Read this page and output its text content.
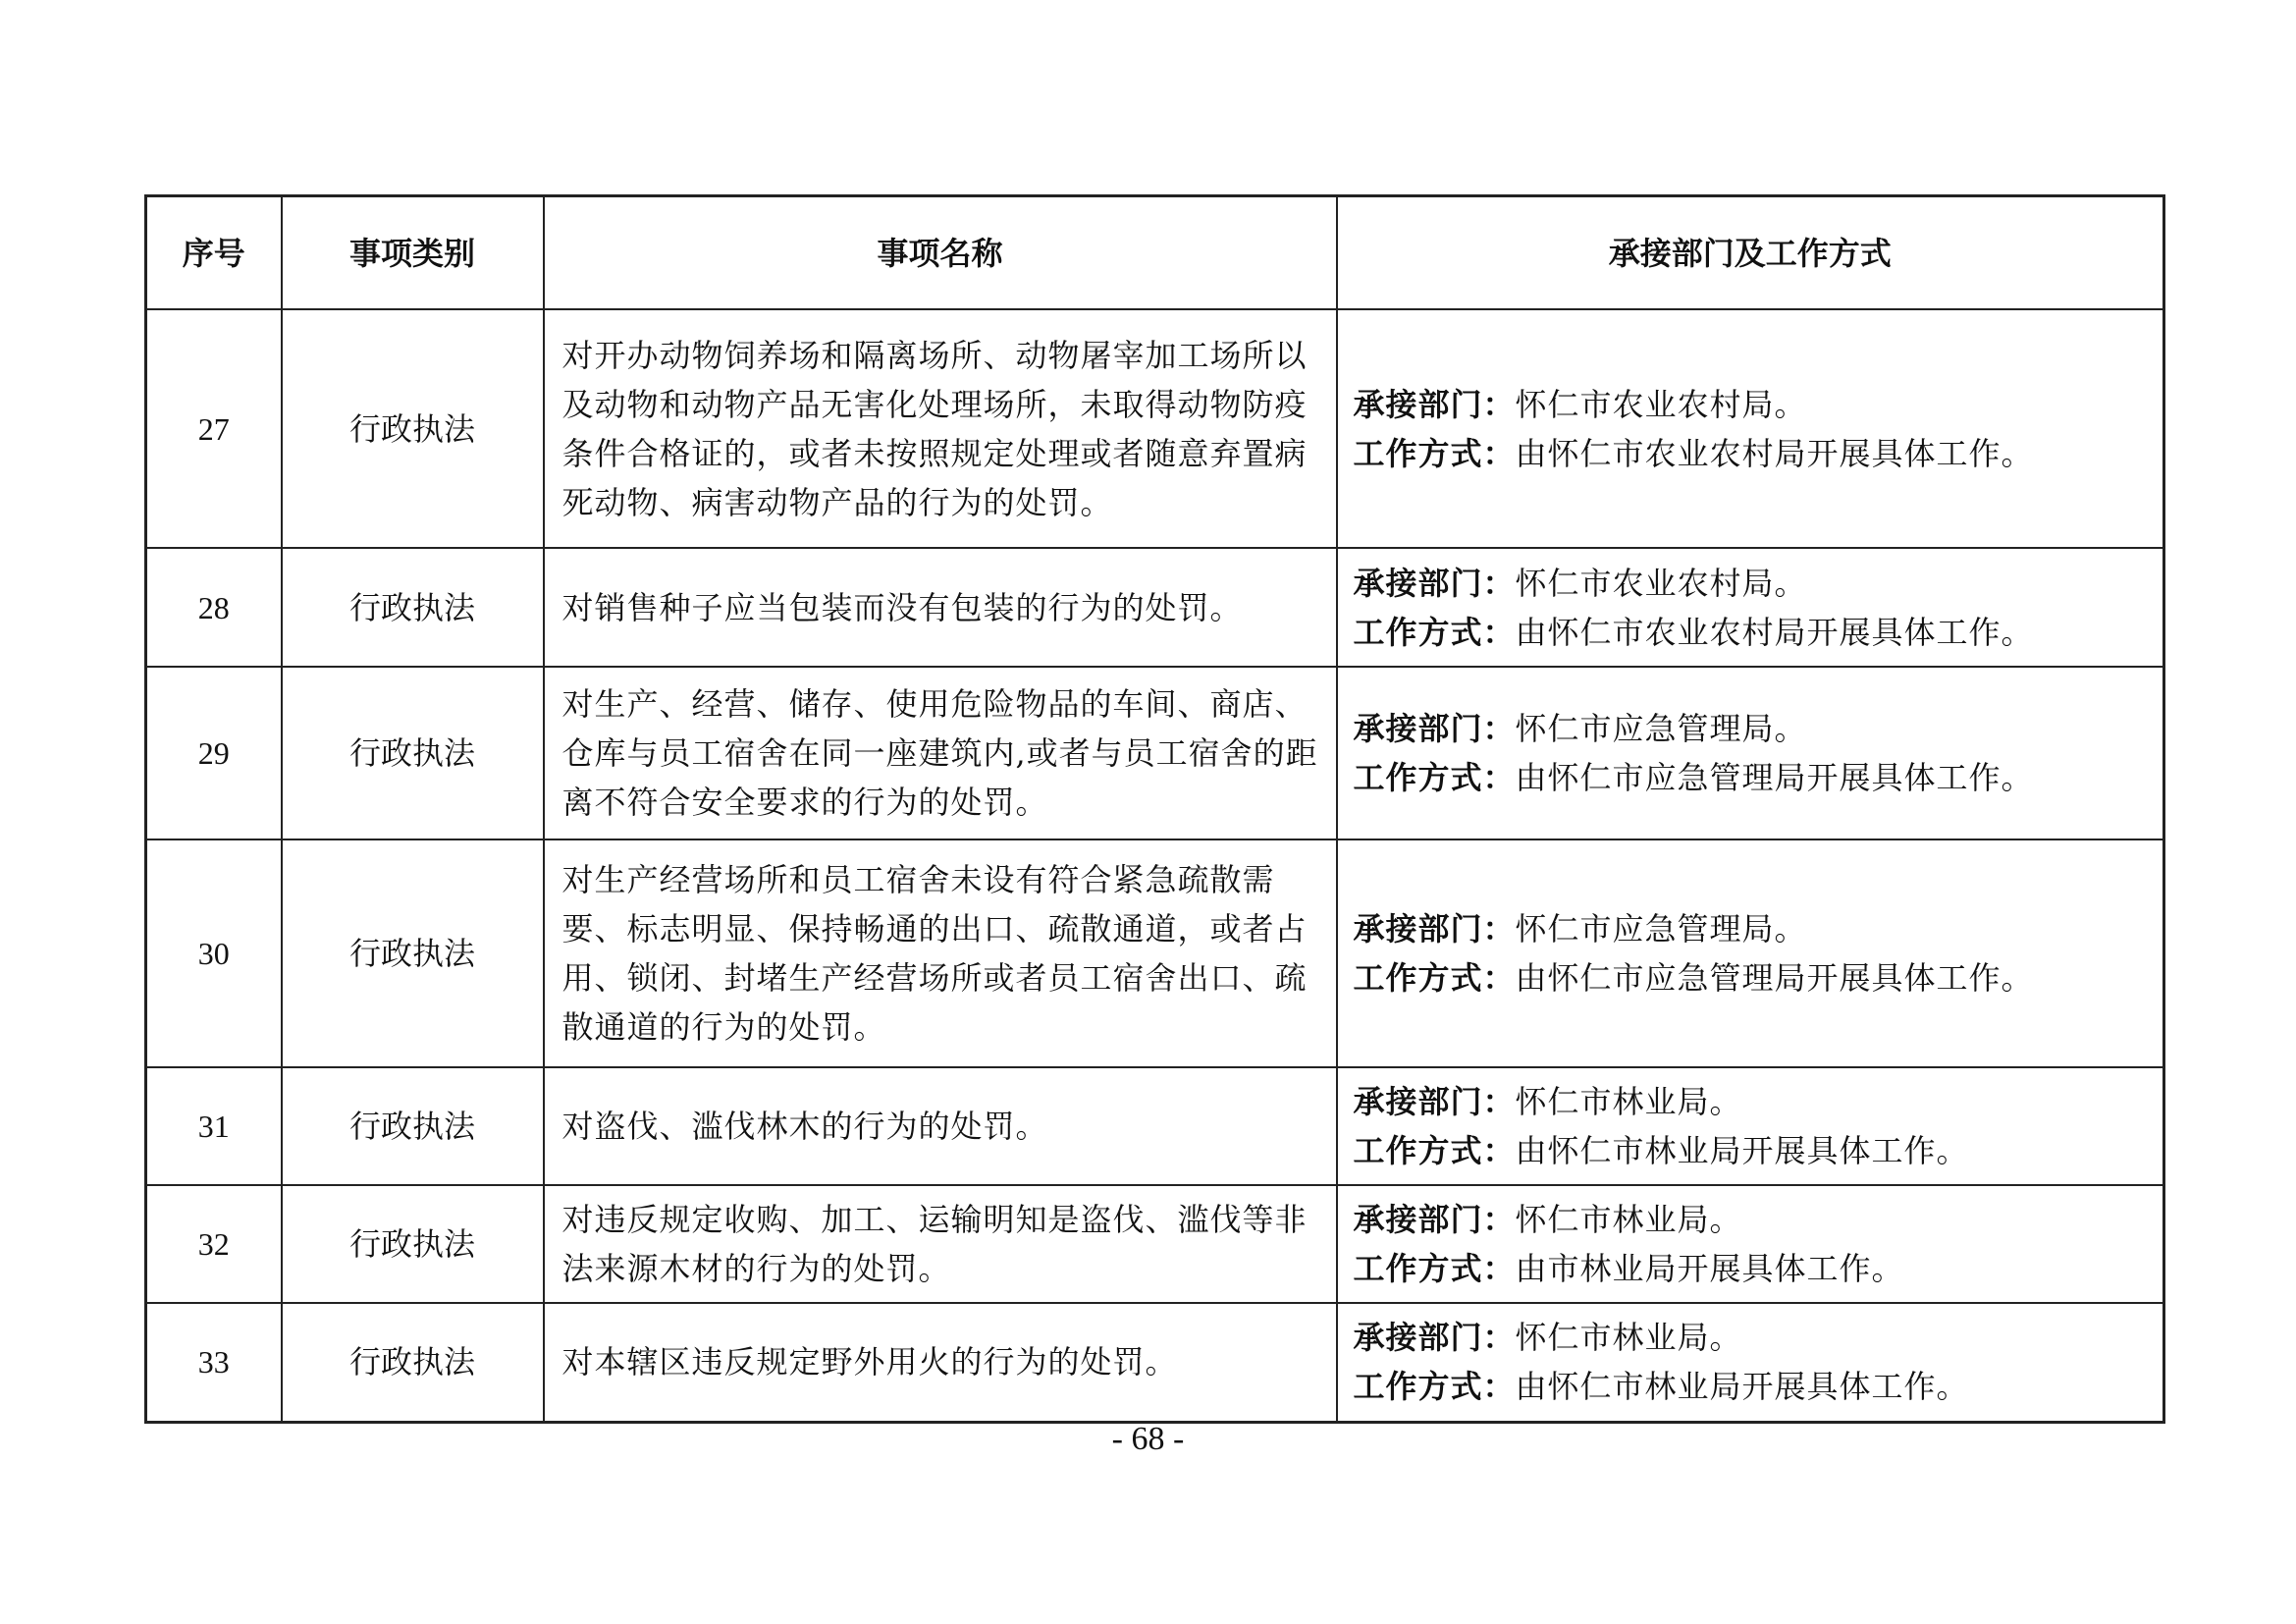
序号	事项类别	事项名称	承接部门及工作方式
27	行政执法	对开办动物饲养场和隔离场所、动物屠宰加工场所以及动物和动物产品无害化处理场所，未取得动物防疫条件合格证的，或者未按照规定处理或者随意弃置病死动物、病害动物产品的行为的处罚。	承接部门：怀仁市农业农村局。
工作方式：由怀仁市农业农村局开展具体工作。

28	行政执法	对销售种子应当包装而没有包装的行为的处罚。	承接部门：怀仁市农业农村局。
工作方式：由怀仁市农业农村局开展具体工作。

29	行政执法	对生产、经营、储存、使用危险物品的车间、商店、仓库与员工宿舍在同一座建筑内,或者与员工宿舍的距离不符合安全要求的行为的处罚。	承接部门：怀仁市应急管理局。
工作方式：由怀仁市应急管理局开展具体工作。

30	行政执法	对生产经营场所和员工宿舍未设有符合紧急疏散需要、标志明显、保持畅通的出口、疏散通道，或者占用、锁闭、封堵生产经营场所或者员工宿舍出口、疏散通道的行为的处罚。	承接部门：怀仁市应急管理局。
工作方式：由怀仁市应急管理局开展具体工作。

31	行政执法	对盗伐、滥伐林木的行为的处罚。	承接部门：怀仁市林业局。
工作方式：由怀仁市林业局开展具体工作。

32	行政执法	对违反规定收购、加工、运输明知是盗伐、滥伐等非法来源木材的行为的处罚。	承接部门：怀仁市林业局。
工作方式：由市林业局开展具体工作。

33	行政执法	对本辖区违反规定野外用火的行为的处罚。	承接部门：怀仁市林业局。
工作方式：由怀仁市林业局开展具体工作。
- 68 -
